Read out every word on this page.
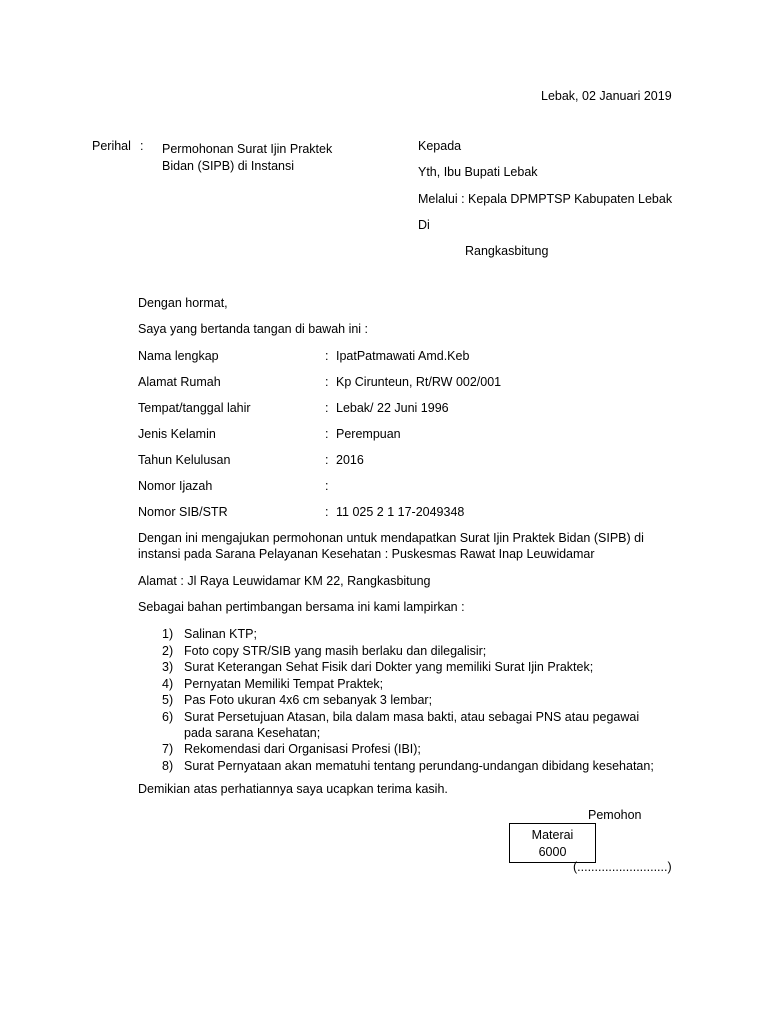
Lebak, 02 Januari 2019
Perihal : Permohonan Surat Ijin Praktek
Bidan (SIPB) di Instansi
Kepada
Yth, Ibu Bupati Lebak
Melalui : Kepala DPMPTSP Kabupaten Lebak
Di
Rangkasbitung
Dengan hormat,
Saya yang bertanda tangan di bawah ini :
Nama lengkap	: IpatPatmawati Amd.Keb
Alamat Rumah	: Kp Cirunteun, Rt/RW 002/001
Tempat/tanggal lahir	: Lebak/ 22 Juni 1996
Jenis Kelamin	: Perempuan
Tahun Kelulusan	: 2016
Nomor Ijazah	:
Nomor SIB/STR	: 11 025 2 1 17-2049348
Dengan ini mengajukan permohonan untuk mendapatkan Surat Ijin Praktek Bidan (SIPB) di
instansi pada Sarana Pelayanan Kesehatan : Puskesmas Rawat Inap Leuwidamar
Alamat : Jl Raya Leuwidamar KM 22, Rangkasbitung
Sebagai bahan pertimbangan bersama ini kami lampirkan :
1) Salinan KTP;
2) Foto copy STR/SIB yang masih berlaku dan dilegalisir;
3) Surat Keterangan Sehat Fisik dari Dokter yang memiliki Surat Ijin Praktek;
4) Pernyatan Memiliki Tempat Praktek;
5) Pas Foto ukuran 4x6 cm sebanyak 3 lembar;
6) Surat Persetujuan Atasan, bila dalam masa bakti, atau sebagai PNS atau pegawai pada sarana Kesehatan;
7) Rekomendasi dari Organisasi Profesi (IBI);
8) Surat Pernyataan akan mematuhi tentang perundang-undangan dibidang kesehatan;
Demikian atas perhatiannya saya ucapkan terima kasih.
Pemohon
Materai
6000
(..........................)
